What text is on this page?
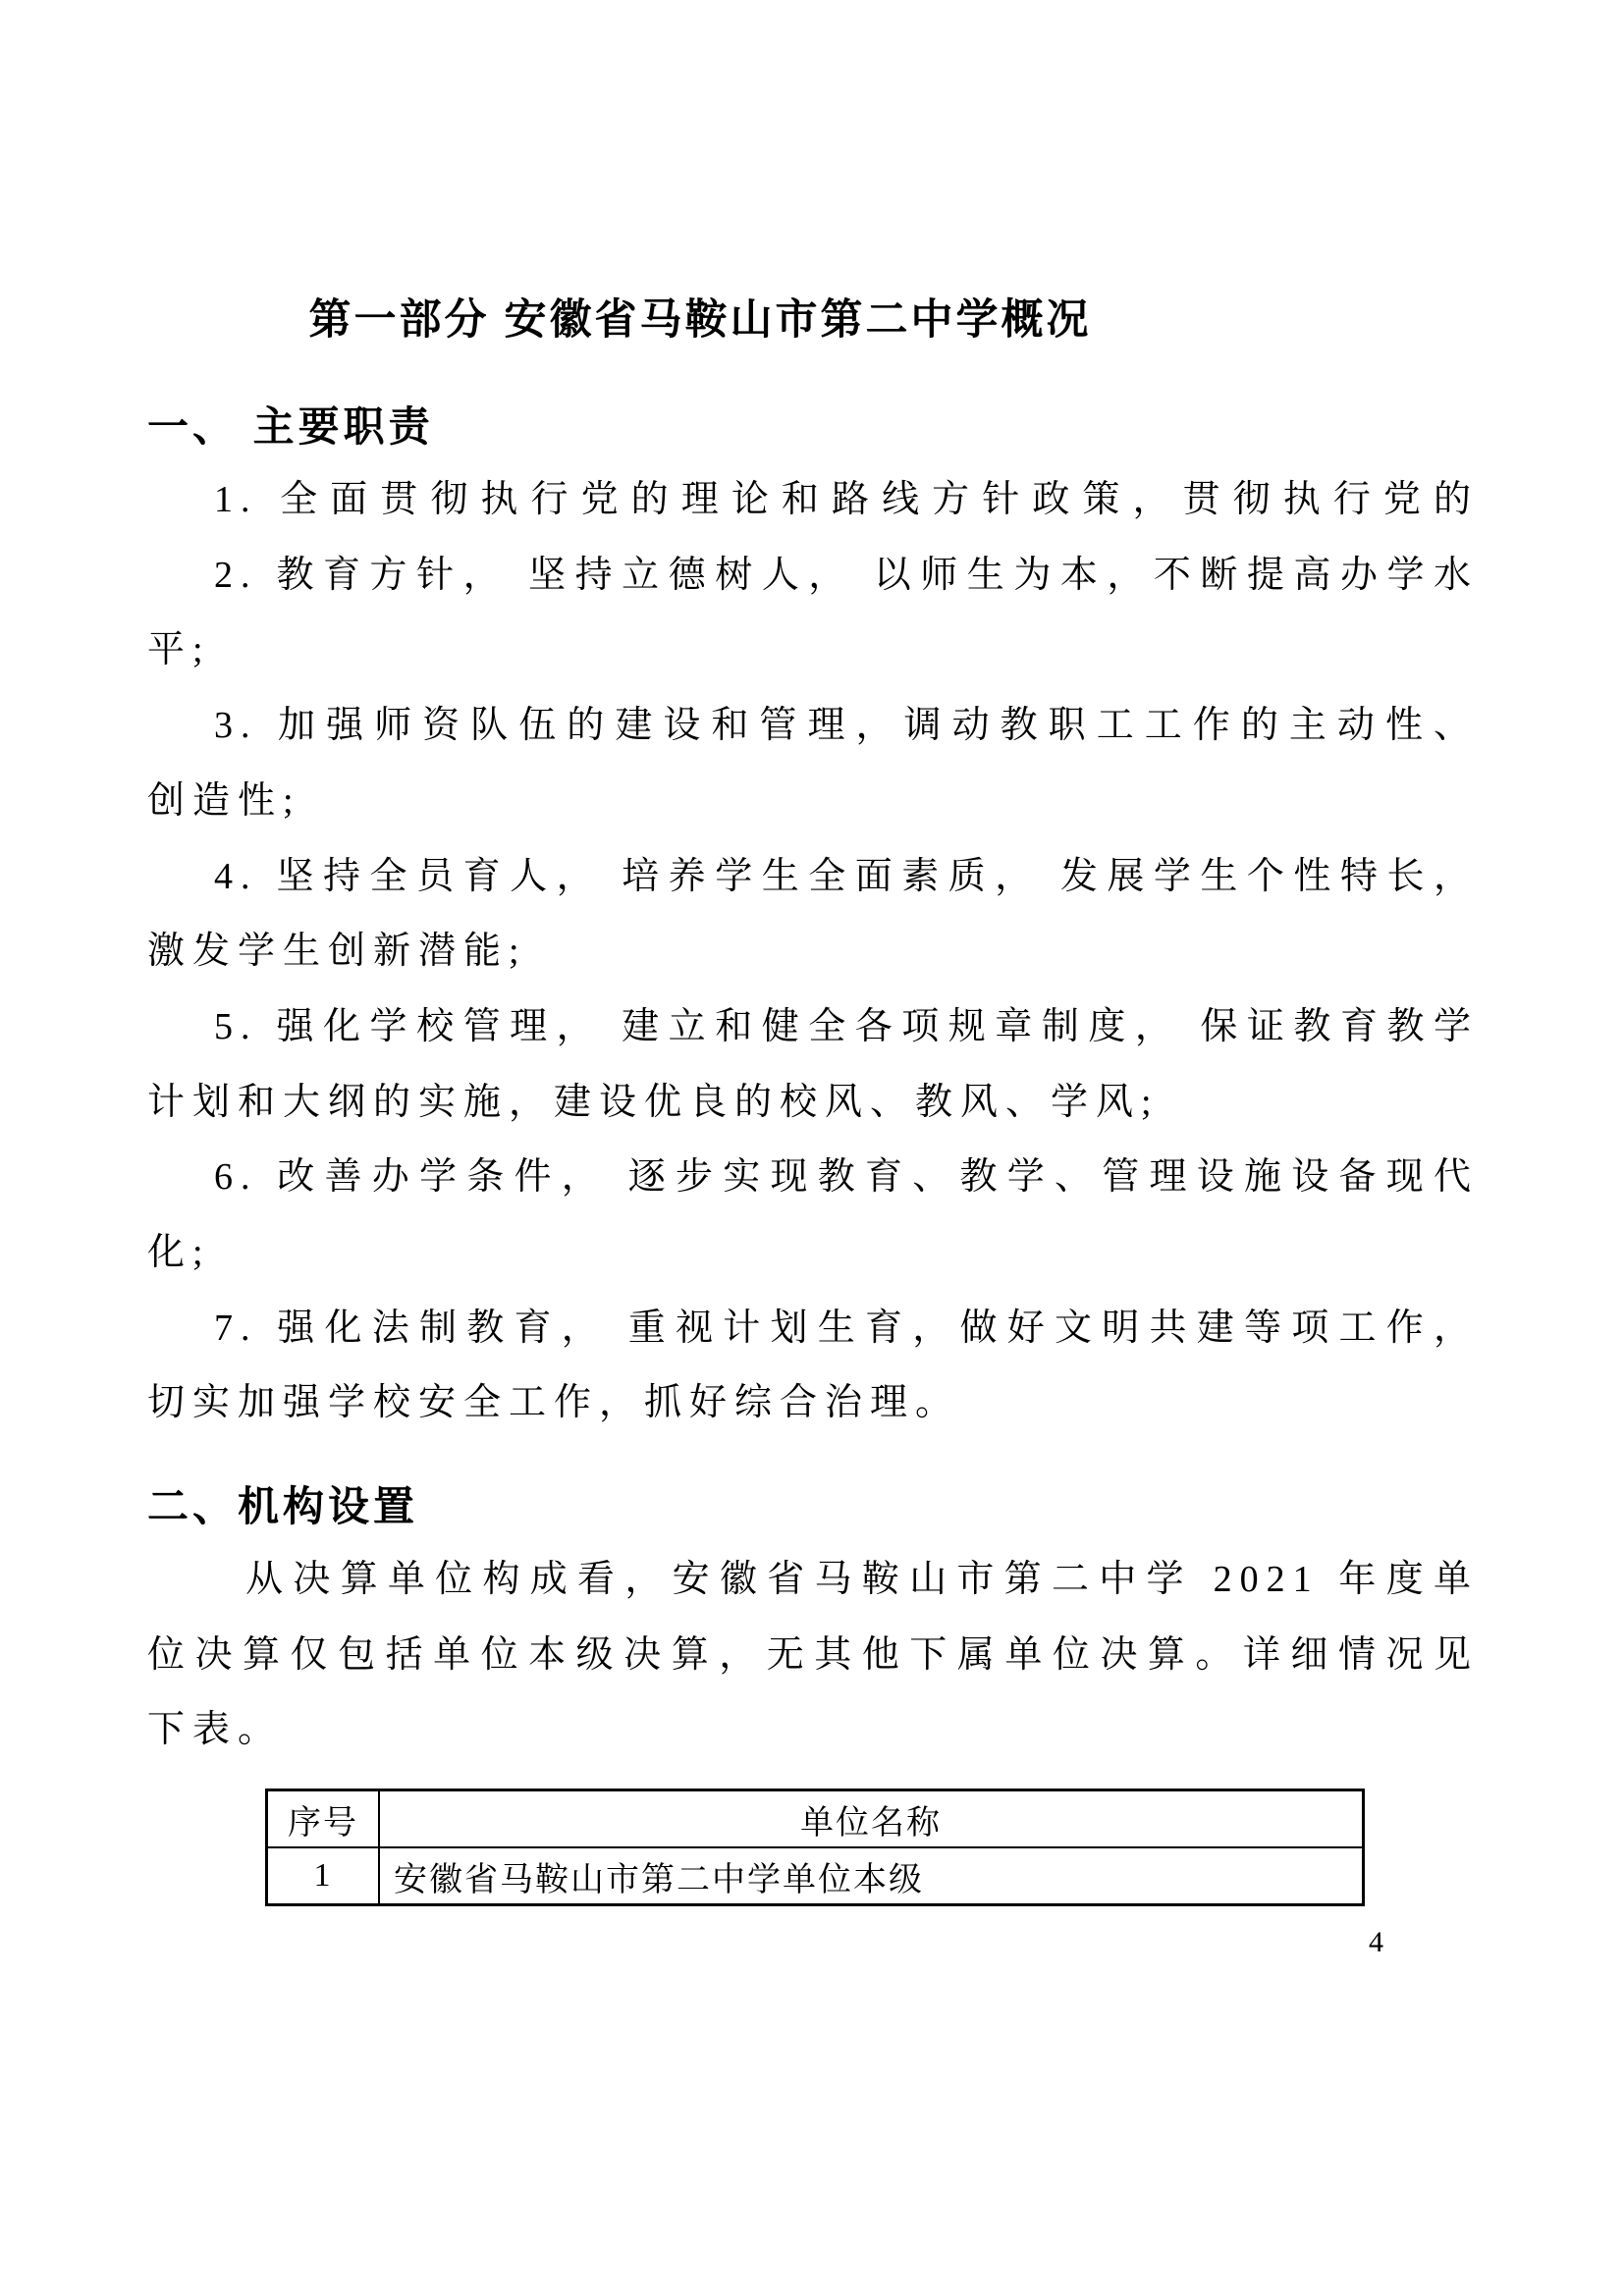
第一部分 安徽省马鞍山市第二中学概况
一、 主要职责
1. 全面贯彻执行党的理论和路线方针政策，贯彻执行党的
2. 教育方针， 坚持立德树人， 以师生为本，不断提高办学水
平;
3. 加强师资队伍的建设和管理，调动教职工工作的主动性、
创造性;
4. 坚持全员育人， 培养学生全面素质， 发展学生个性特长，
激发学生创新潜能;
5. 强化学校管理， 建立和健全各项规章制度， 保证教育教学
计划和大纲的实施，建设优良的校风、教风、学风;
6. 改善办学条件， 逐步实现教育、教学、管理设施设备现代
化;
7. 强化法制教育， 重视计划生育，做好文明共建等项工作，
切实加强学校安全工作，抓好综合治理。
二、机构设置
从决算单位构成看，安徽省马鞍山市第二中学 2021 年度单
位决算仅包括单位本级决算，无其他下属单位决算。详细情况见
下表。
序号	单位名称
1	安徽省马鞍山市第二中学单位本级
4
